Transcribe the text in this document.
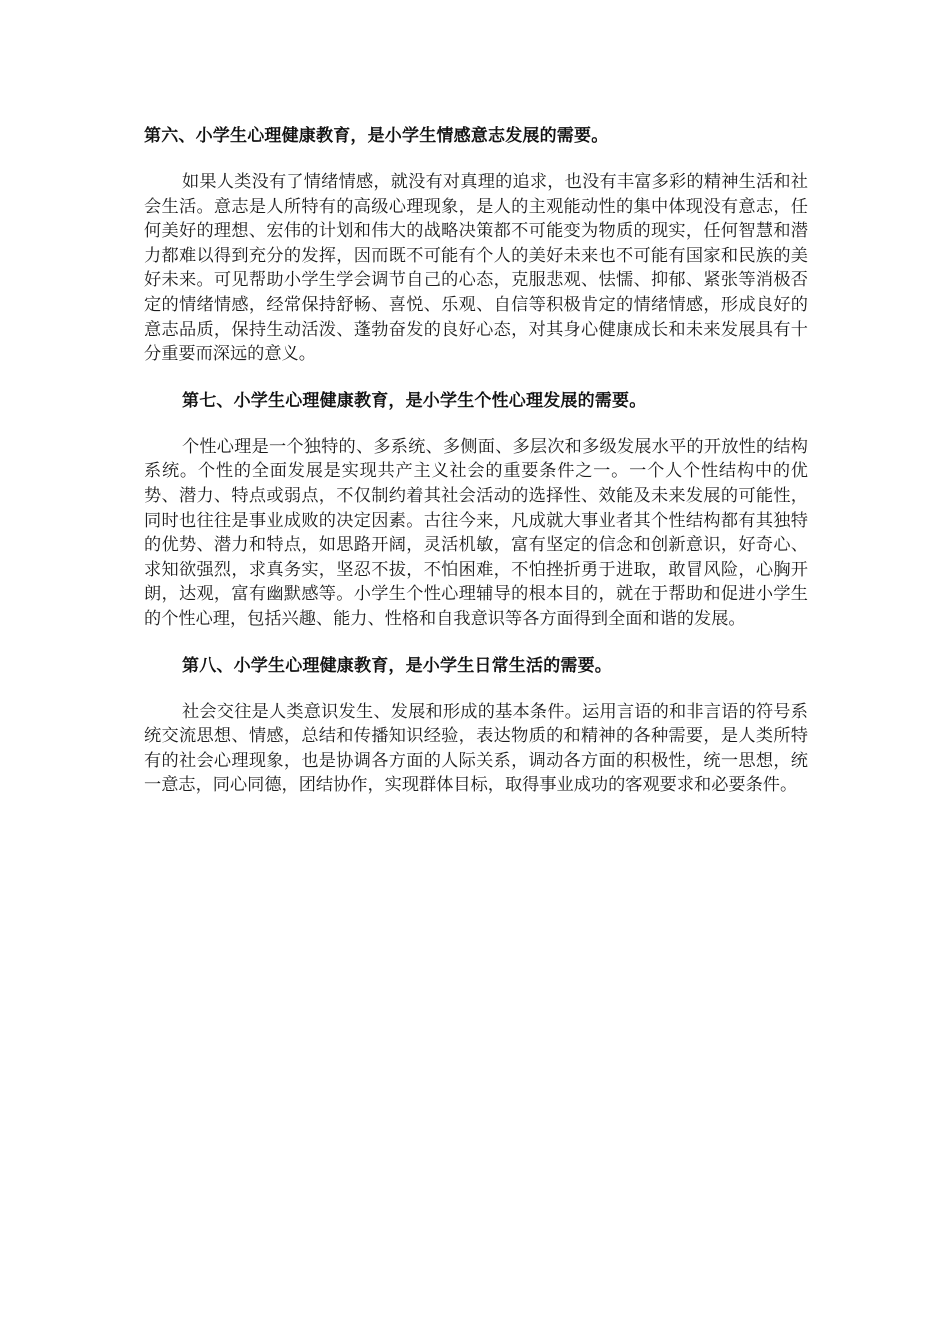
第六、小学生心理健康教育，是小学生情感意志发展的需要。

如果人类没有了情绪情感，就没有对真理的追求，也没有丰富多彩的精神生活和社会生活。意志是人所特有的高级心理现象，是人的主观能动性的集中体现没有意志，任何美好的理想、宏伟的计划和伟大的战略决策都不可能变为物质的现实，任何智慧和潜力都难以得到充分的发挥，因而既不可能有个人的美好未来也不可能有国家和民族的美好未来。可见帮助小学生学会调节自己的心态，克服悲观、怯懦、抑郁、紧张等消极否定的情绪情感，经常保持舒畅、喜悦、乐观、自信等积极肯定的情绪情感，形成良好的意志品质，保持生动活泼、蓬勃奋发的良好心态，对其身心健康成长和未来发展具有十分重要而深远的意义。

第七、小学生心理健康教育，是小学生个性心理发展的需要。

个性心理是一个独特的、多系统、多侧面、多层次和多级发展水平的开放性的结构系统。个性的全面发展是实现共产主义社会的重要条件之一。一个人个性结构中的优势、潜力、特点或弱点，不仅制约着其社会活动的选择性、效能及未来发展的可能性，同时也往往是事业成败的决定因素。古往今来，凡成就大事业者其个性结构都有其独特的优势、潜力和特点，如思路开阔，灵活机敏，富有坚定的信念和创新意识，好奇心、求知欲强烈，求真务实，坚忍不拔，不怕困难，不怕挫折勇于进取，敢冒风险，心胸开朗，达观，富有幽默感等。小学生个性心理辅导的根本目的，就在于帮助和促进小学生的个性心理，包括兴趣、能力、性格和自我意识等各方面得到全面和谐的发展。

第八、小学生心理健康教育，是小学生日常生活的需要。

社会交往是人类意识发生、发展和形成的基本条件。运用言语的和非言语的符号系统交流思想、情感，总结和传播知识经验，表达物质的和精神的各种需要，是人类所特有的社会心理现象，也是协调各方面的人际关系，调动各方面的积极性，统一思想，统一意志，同心同德，团结协作，实现群体目标，取得事业成功的客观要求和必要条件。
